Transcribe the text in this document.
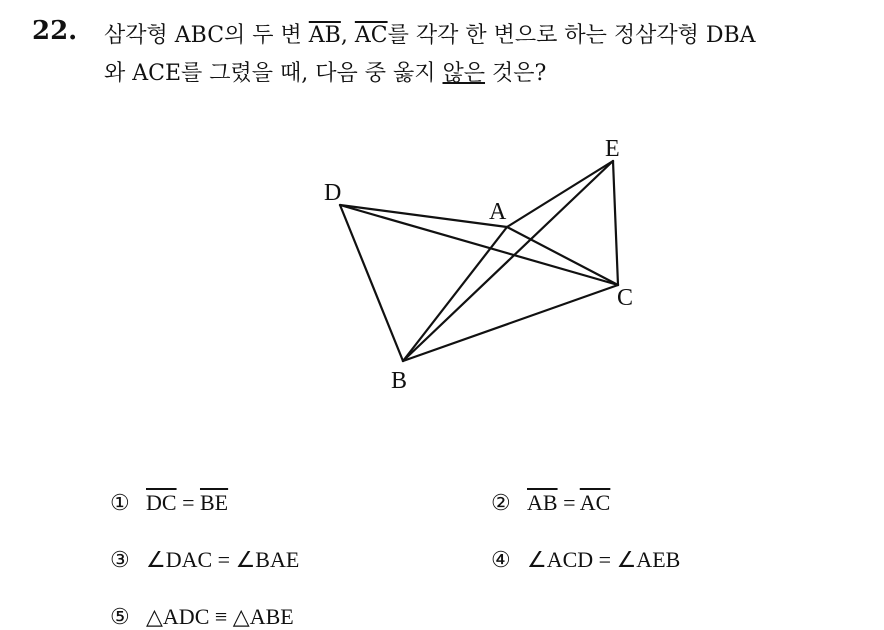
22. 삼각형 ABC의 두 변 $\overline{AB}$, $\overline{AC}$를 각각 한 변으로 하는 정삼각형 DBA
와 ACE를 그렸을 때, 다음 중 옳지 않은 것은?
D
A
E
B
C
① $\overline{DC} = \overline{BE}$	② $\overline{AB} = \overline{AC}$
③ ∠DAC = ∠BAE	④ ∠ACD = ∠AEB
⑤ △ADC ≡ △ABE
